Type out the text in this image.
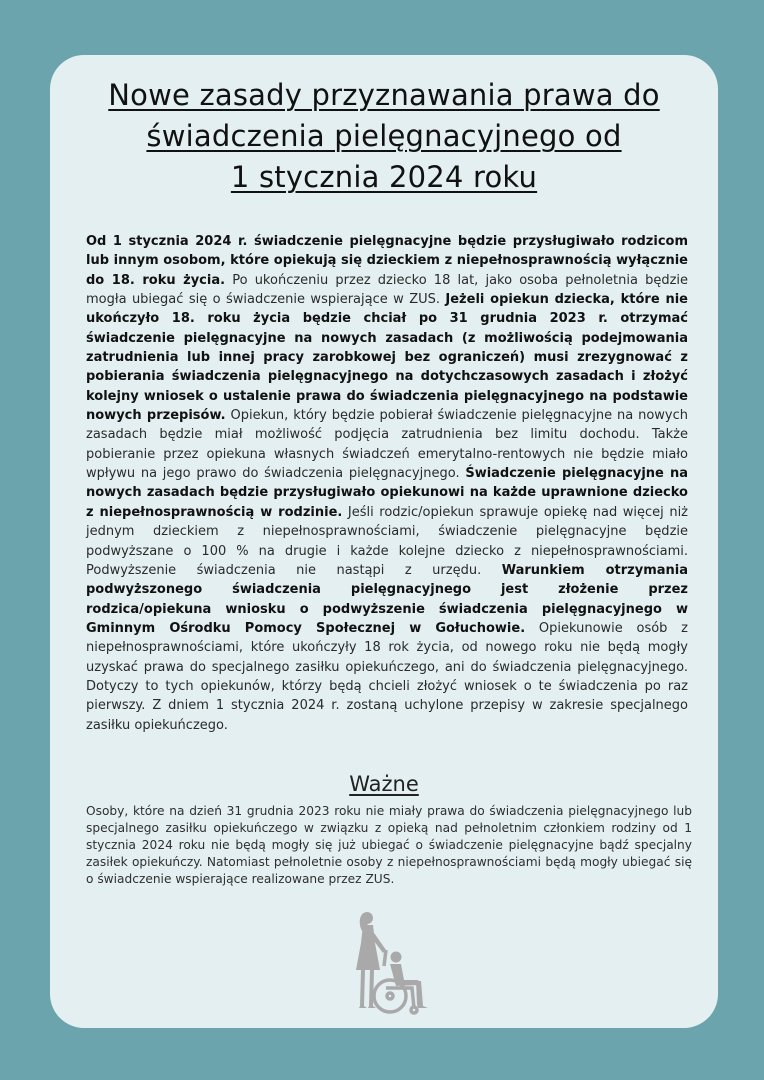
Nowe zasady przyznawania prawa do
świadczenia pielęgnacyjnego od
1 stycznia 2024 roku

Od 1 stycznia 2024 r. świadczenie pielęgnacyjne będzie przysługiwało rodzicom lub innym osobom, które opiekują się dzieckiem z niepełnosprawnością wyłącznie do 18. roku życia. Po ukończeniu przez dziecko 18 lat, jako osoba pełnoletnia będzie mogła ubiegać się o świadczenie wspierające w ZUS. Jeżeli opiekun dziecka, które nie ukończyło 18. roku życia będzie chciał po 31 grudnia 2023 r. otrzymać świadczenie pielęgnacyjne na nowych zasadach (z możliwością podejmowania zatrudnienia lub innej pracy zarobkowej bez ograniczeń) musi zrezygnować z pobierania świadczenia pielęgnacyjnego na dotychczasowych zasadach i złożyć kolejny wniosek o ustalenie prawa do świadczenia pielęgnacyjnego na podstawie nowych przepisów. Opiekun, który będzie pobierał świadczenie pielęgnacyjne na nowych zasadach będzie miał możliwość podjęcia zatrudnienia bez limitu dochodu. Także pobieranie przez opiekuna własnych świadczeń emerytalno-rentowych nie będzie miało wpływu na jego prawo do świadczenia pielęgnacyjnego. Świadczenie pielęgnacyjne na nowych zasadach będzie przysługiwało opiekunowi na każde uprawnione dziecko z niepełnosprawnością w rodzinie. Jeśli rodzic/opiekun sprawuje opiekę nad więcej niż jednym dzieckiem z niepełnosprawnościami, świadczenie pielęgnacyjne będzie podwyższane o 100 % na drugie i każde kolejne dziecko z niepełnosprawnościami. Podwyższenie świadczenia nie nastąpi z urzędu. Warunkiem otrzymania podwyższonego świadczenia pielęgnacyjnego jest złożenie przez rodzica/opiekuna wniosku o podwyższenie świadczenia pielęgnacyjnego w Gminnym Ośrodku Pomocy Społecznej w Gołuchowie. Opiekunowie osób z niepełnosprawnościami, które ukończyły 18 rok życia, od nowego roku nie będą mogły uzyskać prawa do specjalnego zasiłku opiekuńczego, ani do świadczenia pielęgnacyjnego. Dotyczy to tych opiekunów, którzy będą chcieli złożyć wniosek o te świadczenia po raz pierwszy. Z dniem 1 stycznia 2024 r. zostaną uchylone przepisy w zakresie specjalnego zasiłku opiekuńczego.

Ważne

Osoby, które na dzień 31 grudnia 2023 roku nie miały prawa do świadczenia pielęgnacyjnego lub specjalnego zasiłku opiekuńczego w związku z opieką nad pełnoletnim członkiem rodziny od 1 stycznia 2024 roku nie będą mogły się już ubiegać o świadczenie pielęgnacyjne bądź specjalny zasiłek opiekuńczy. Natomiast pełnoletnie osoby z niepełnosprawnościami będą mogły ubiegać się o świadczenie wspierające realizowane przez ZUS.
